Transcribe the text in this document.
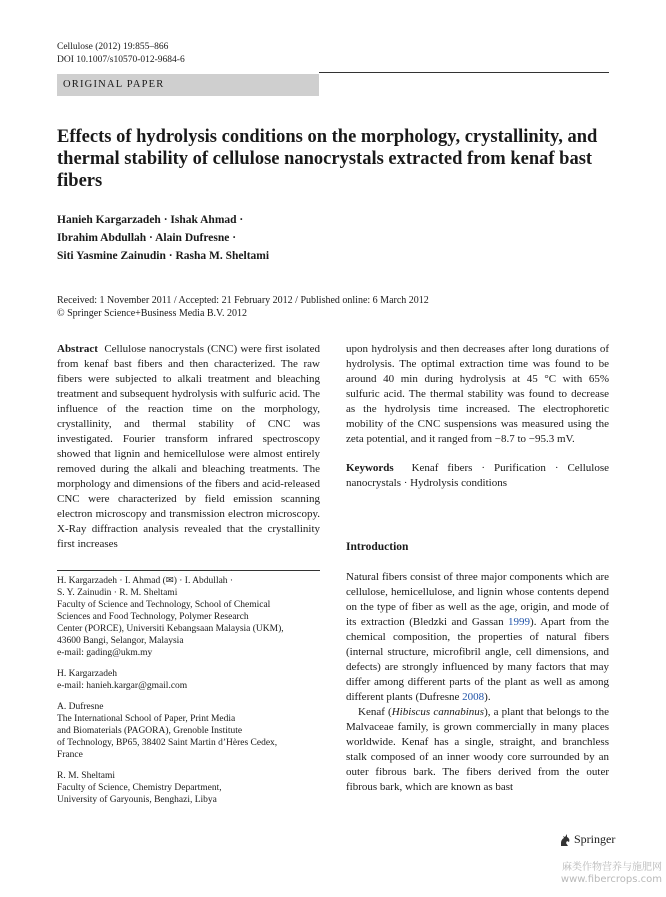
Cellulose (2012) 19:855–866
DOI 10.1007/s10570-012-9684-6
ORIGINAL PAPER
Effects of hydrolysis conditions on the morphology, crystallinity, and thermal stability of cellulose nanocrystals extracted from kenaf bast fibers
Hanieh Kargarzadeh · Ishak Ahmad ·
Ibrahim Abdullah · Alain Dufresne ·
Siti Yasmine Zainudin · Rasha M. Sheltami
Received: 1 November 2011 / Accepted: 21 February 2012 / Published online: 6 March 2012
© Springer Science+Business Media B.V. 2012

Abstract Cellulose nanocrystals (CNC) were first isolated from kenaf bast fibers and then characterized. The raw fibers were subjected to alkali treatment and bleaching treatment and subsequent hydrolysis with sulfuric acid. The influence of the reaction time on the morphology, crystallinity, and thermal stability of CNC was investigated. Fourier transform infrared spectroscopy showed that lignin and hemicellulose were almost entirely removed during the alkali and bleaching treatments. The morphology and dimensions of the fibers and acid-released CNC were characterized by field emission scanning electron microscopy and transmission electron microscopy. X-Ray diffraction analysis revealed that the crystallinity first increases

H. Kargarzadeh · I. Ahmad (✉) · I. Abdullah ·

S. Y. Zainudin · R. M. Sheltami

Faculty of Science and Technology, School of Chemical

Sciences and Food Technology, Polymer Research

Center (PORCE), Universiti Kebangsaan Malaysia (UKM),

43600 Bangi, Selangor, Malaysia

e-mail: gading@ukm.my

H. Kargarzadeh

e-mail: hanieh.kargar@gmail.com

A. Dufresne

The International School of Paper, Print Media

and Biomaterials (PAGORA), Grenoble Institute

of Technology, BP65, 38402 Saint Martin d’Hères Cedex,

France

R. M. Sheltami

Faculty of Science, Chemistry Department,

University of Garyounis, Benghazi, Libya

upon hydrolysis and then decreases after long durations of hydrolysis. The optimal extraction time was found to be around 40 min during hydrolysis at 45 °C with 65% sulfuric acid. The thermal stability was found to decrease as the hydrolysis time increased. The electrophoretic mobility of the CNC suspensions was measured using the zeta potential, and it ranged from −8.7 to −95.3 mV.

Keywords Kenaf fibers · Purification · Cellulose nanocrystals · Hydrolysis conditions

Introduction

Natural fibers consist of three major components which are cellulose, hemicellulose, and lignin whose contents depend on the type of fiber as well as the age, origin, and mode of its extraction (Bledzki and Gassan 1999). Apart from the chemical composition, the properties of natural fibers (internal structure, microfibril angle, cell dimensions, and defects) are strongly influenced by many factors that may differ among different parts of the plant as well as among different plants (Dufresne 2008).

Kenaf (Hibiscus cannabinus), a plant that belongs to the Malvaceae family, is grown commercially in many places worldwide. Kenaf has a single, straight, and branchless stalk composed of an inner woody core surrounded by an outer fibrous bark. The fibers derived from the outer fibrous bark, which are known as bast

Springer
麻类作物营养与施肥网
www.fibercrops.com
